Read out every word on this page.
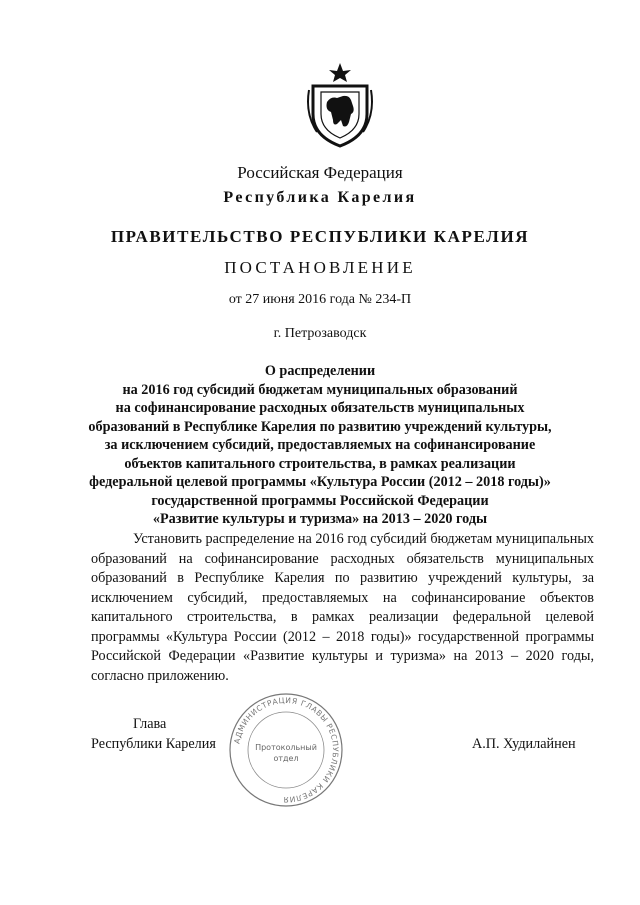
Российская Федерация
Республика Карелия
ПРАВИТЕЛЬСТВО РЕСПУБЛИКИ КАРЕЛИЯ
ПОСТАНОВЛЕНИЕ
от 27 июня 2016 года № 234-П
г. Петрозаводск
О распределении
на 2016 год субсидий бюджетам муниципальных образований
на софинансирование расходных обязательств муниципальных
образований в Республике Карелия по развитию учреждений культуры,
за исключением субсидий, предоставляемых на софинансирование
объектов капитального строительства, в рамках реализации
федеральной целевой программы «Культура России (2012 – 2018 годы)»
государственной программы Российской Федерации
«Развитие культуры и туризма» на 2013 – 2020 годы
Установить распределение на 2016 год субсидий бюджетам муниципальных образований на софинансирование расходных обязательств муниципальных образований в Республике Карелия по развитию учреждений культуры, за исключением субсидий, предоставляемых на софинансирование объектов капитального строительства, в рамках реализации федеральной целевой программы «Культура России (2012 – 2018 годы)» государственной программы Российской Федерации «Развитие культуры и туризма» на 2013 – 2020 годы, согласно приложению.
Глава
Республики Карелия	А.П. Худилайнен
АДМИНИСТРАЦИЯ ГЛАВЫ РЕСПУБЛИКИ КАРЕЛИЯ
Протокольный
отдел
